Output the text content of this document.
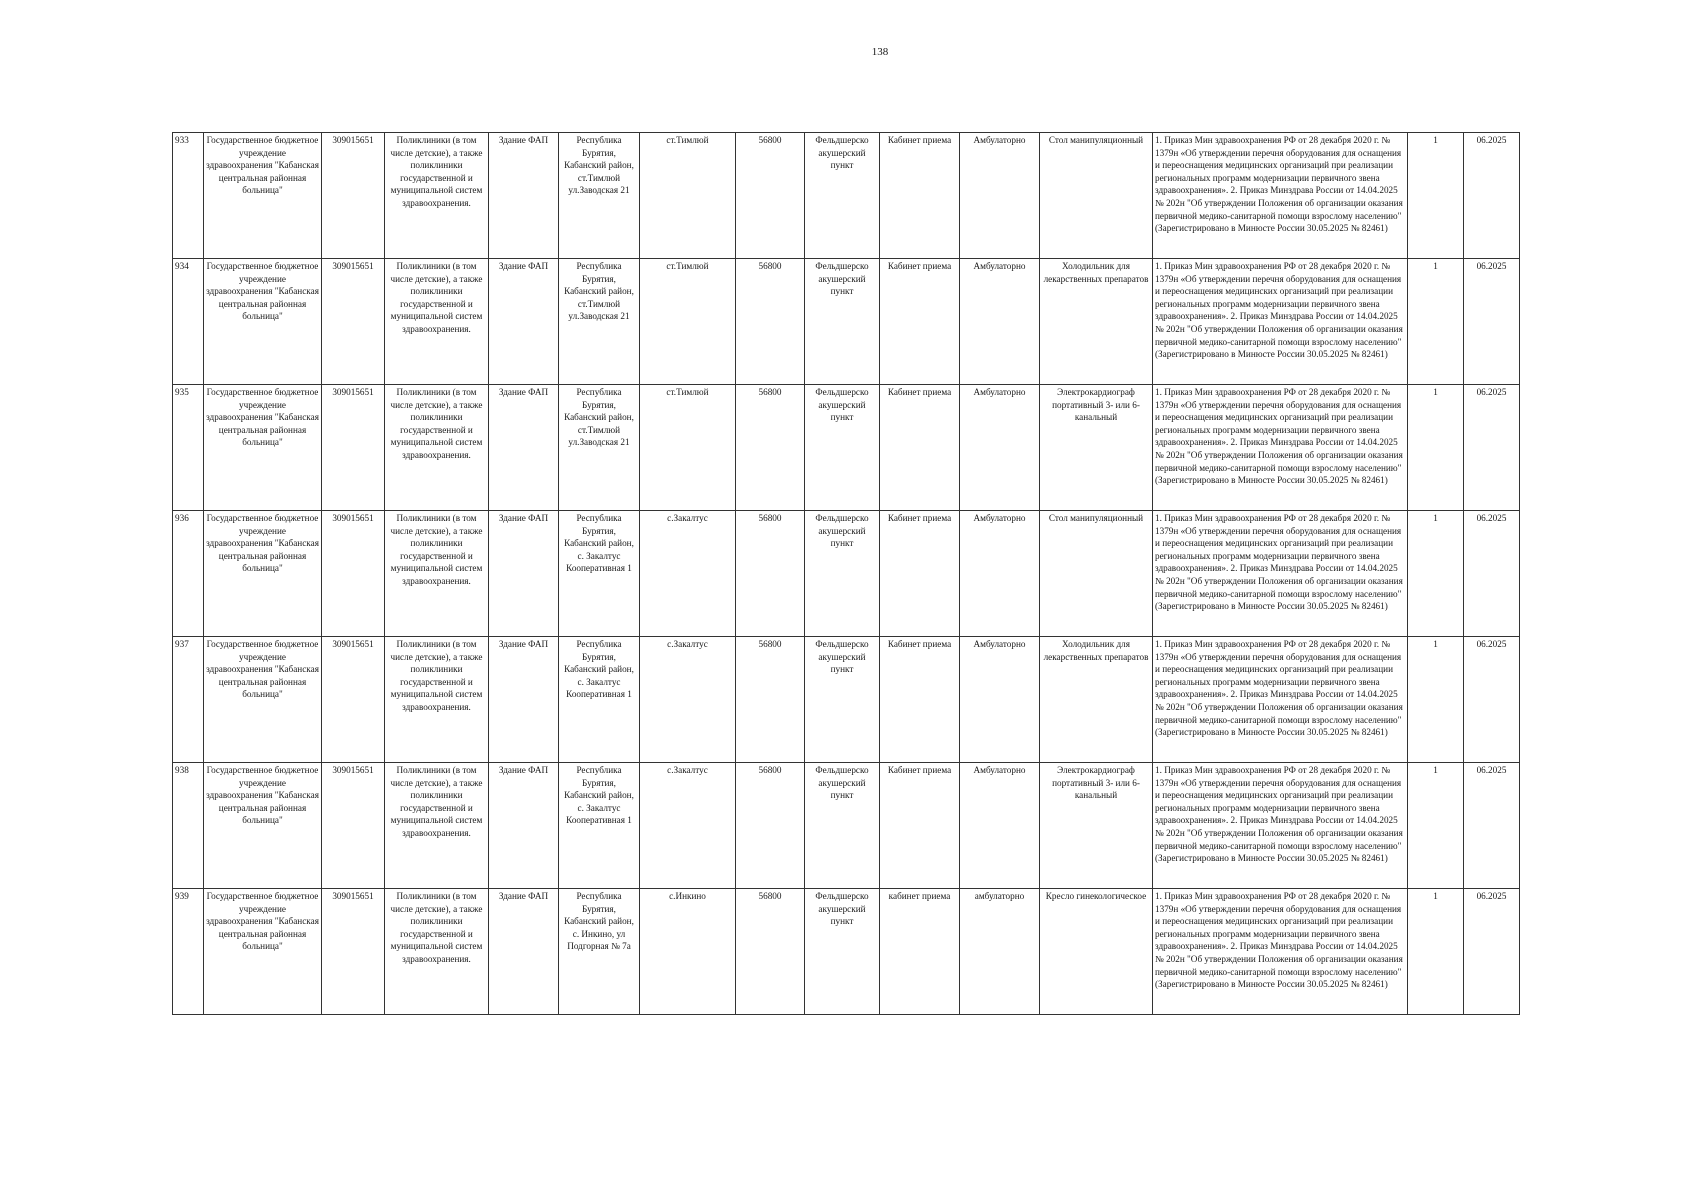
138
933	Государственное бюджетное учреждение здравоохранения "Кабанская центральная районная больница"	309015651	Поликлиники (в том числе детские), а также поликлиники государственной и муниципальной систем здравоохранения.	Здание ФАП	Республика Бурятия, Кабанский район, ст.Тимлюй ул.Заводская 21	ст.Тимлюй	56800	Фельдшерско акушерский пункт	Кабинет приема	Амбулаторно	Стол манипуляционный	1. Приказ Мин здравоохранения РФ от 28 декабря 2020 г. № 1379н «Об утверждении перечня оборудования для оснащения и переоснащения медицинских организаций при реализации региональных программ модернизации первичного звена здравоохранения». 2. Приказ Минздрава России от 14.04.2025 № 202н "Об утверждении Положения об организации оказания первичной медико-санитарной помощи взрослому населению" (Зарегистрировано в Минюсте России 30.05.2025 № 82461)	1	06.2025
934	Государственное бюджетное учреждение здравоохранения "Кабанская центральная районная больница"	309015651	Поликлиники (в том числе детские), а также поликлиники государственной и муниципальной систем здравоохранения.	Здание ФАП	Республика Бурятия, Кабанский район, ст.Тимлюй ул.Заводская 21	ст.Тимлюй	56800	Фельдшерско акушерский пункт	Кабинет приема	Амбулаторно	Холодильник для лекарственных препаратов	1. Приказ Мин здравоохранения РФ от 28 декабря 2020 г. № 1379н «Об утверждении перечня оборудования для оснащения и переоснащения медицинских организаций при реализации региональных программ модернизации первичного звена здравоохранения». 2. Приказ Минздрава России от 14.04.2025 № 202н "Об утверждении Положения об организации оказания первичной медико-санитарной помощи взрослому населению" (Зарегистрировано в Минюсте России 30.05.2025 № 82461)	1	06.2025
935	Государственное бюджетное учреждение здравоохранения "Кабанская центральная районная больница"	309015651	Поликлиники (в том числе детские), а также поликлиники государственной и муниципальной систем здравоохранения.	Здание ФАП	Республика Бурятия, Кабанский район, ст.Тимлюй ул.Заводская 21	ст.Тимлюй	56800	Фельдшерско акушерский пункт	Кабинет приема	Амбулаторно	Электрокардиограф портативный 3- или 6-канальный	1. Приказ Мин здравоохранения РФ от 28 декабря 2020 г. № 1379н «Об утверждении перечня оборудования для оснащения и переоснащения медицинских организаций при реализации региональных программ модернизации первичного звена здравоохранения». 2. Приказ Минздрава России от 14.04.2025 № 202н "Об утверждении Положения об организации оказания первичной медико-санитарной помощи взрослому населению" (Зарегистрировано в Минюсте России 30.05.2025 № 82461)	1	06.2025
936	Государственное бюджетное учреждение здравоохранения "Кабанская центральная районная больница"	309015651	Поликлиники (в том числе детские), а также поликлиники государственной и муниципальной систем здравоохранения.	Здание ФАП	Республика Бурятия, Кабанский район, с. Закалтус Кооперативная 1	с.Закалтус	56800	Фельдшерско акушерский пункт	Кабинет приема	Амбулаторно	Стол манипуляционный	1. Приказ Мин здравоохранения РФ от 28 декабря 2020 г. № 1379н «Об утверждении перечня оборудования для оснащения и переоснащения медицинских организаций при реализации региональных программ модернизации первичного звена здравоохранения». 2. Приказ Минздрава России от 14.04.2025 № 202н "Об утверждении Положения об организации оказания первичной медико-санитарной помощи взрослому населению" (Зарегистрировано в Минюсте России 30.05.2025 № 82461)	1	06.2025
937	Государственное бюджетное учреждение здравоохранения "Кабанская центральная районная больница"	309015651	Поликлиники (в том числе детские), а также поликлиники государственной и муниципальной систем здравоохранения.	Здание ФАП	Республика Бурятия, Кабанский район, с. Закалтус Кооперативная 1	с.Закалтус	56800	Фельдшерско акушерский пункт	Кабинет приема	Амбулаторно	Холодильник для лекарственных препаратов	1. Приказ Мин здравоохранения РФ от 28 декабря 2020 г. № 1379н «Об утверждении перечня оборудования для оснащения и переоснащения медицинских организаций при реализации региональных программ модернизации первичного звена здравоохранения». 2. Приказ Минздрава России от 14.04.2025 № 202н "Об утверждении Положения об организации оказания первичной медико-санитарной помощи взрослому населению" (Зарегистрировано в Минюсте России 30.05.2025 № 82461)	1	06.2025
938	Государственное бюджетное учреждение здравоохранения "Кабанская центральная районная больница"	309015651	Поликлиники (в том числе детские), а также поликлиники государственной и муниципальной систем здравоохранения.	Здание ФАП	Республика Бурятия, Кабанский район, с. Закалтус Кооперативная 1	с.Закалтус	56800	Фельдшерско акушерский пункт	Кабинет приема	Амбулаторно	Электрокардиограф портативный 3- или 6-канальный	1. Приказ Мин здравоохранения РФ от 28 декабря 2020 г. № 1379н «Об утверждении перечня оборудования для оснащения и переоснащения медицинских организаций при реализации региональных программ модернизации первичного звена здравоохранения». 2. Приказ Минздрава России от 14.04.2025 № 202н "Об утверждении Положения об организации оказания первичной медико-санитарной помощи взрослому населению" (Зарегистрировано в Минюсте России 30.05.2025 № 82461)	1	06.2025
939	Государственное бюджетное учреждение здравоохранения "Кабанская центральная районная больница"	309015651	Поликлиники (в том числе детские), а также поликлиники государственной и муниципальной систем здравоохранения.	Здание ФАП	Республика Бурятия, Кабанский район, с. Инкино, ул Подгорная № 7а	с.Инкино	56800	Фельдшерско акушерский пункт	кабинет приема	амбулаторно	Кресло гинекологическое	1. Приказ Мин здравоохранения РФ от 28 декабря 2020 г. № 1379н «Об утверждении перечня оборудования для оснащения и переоснащения медицинских организаций при реализации региональных программ модернизации первичного звена здравоохранения». 2. Приказ Минздрава России от 14.04.2025 № 202н "Об утверждении Положения об организации оказания первичной медико-санитарной помощи взрослому населению" (Зарегистрировано в Минюсте России 30.05.2025 № 82461)	1	06.2025
